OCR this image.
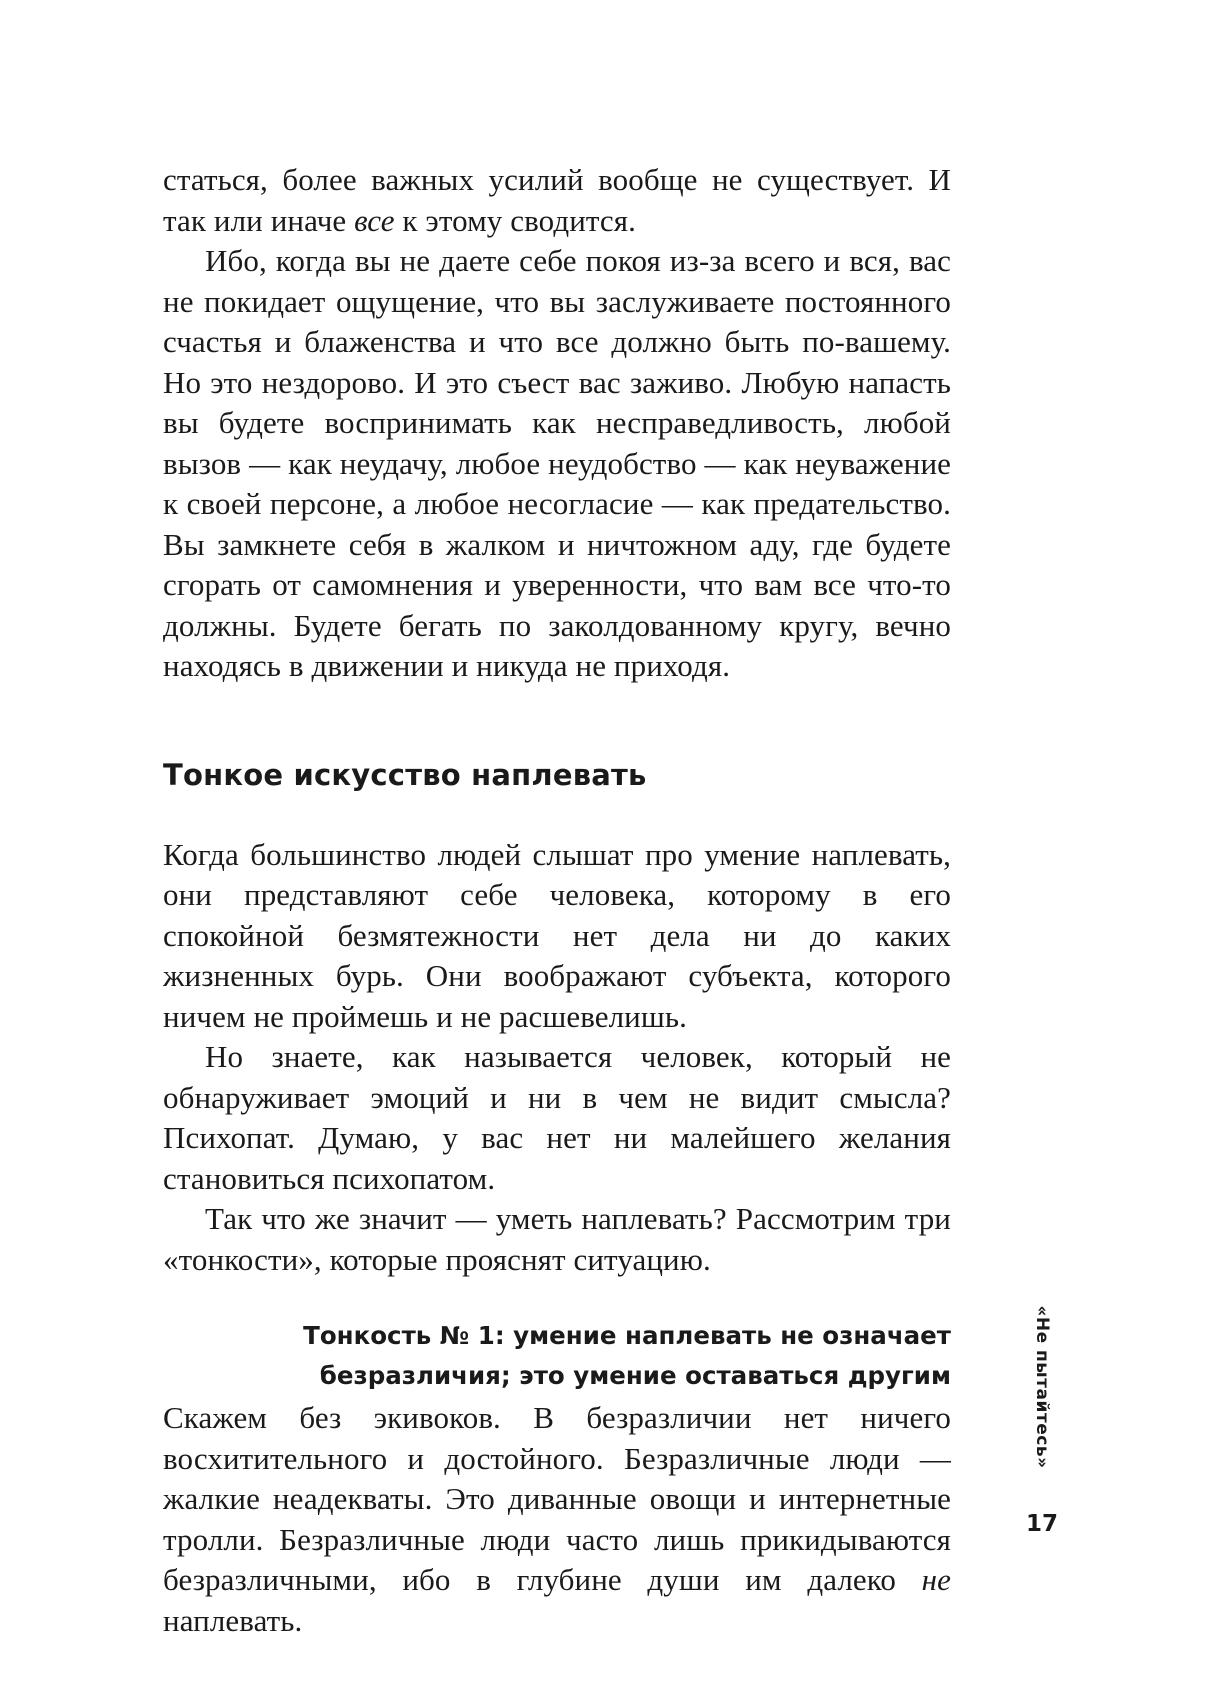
статься, более важных усилий вообще не существует. И так или иначе все к этому сводится.

Ибо, когда вы не даете себе покоя из-за всего и вся, вас не покидает ощущение, что вы заслуживаете постоянного счастья и блаженства и что все должно быть по-вашему. Но это нездорово. И это съест вас заживо. Любую напасть вы будете воспринимать как несправедливость, любой вызов — как неудачу, любое неудобство — как неуважение к своей персоне, а любое несогласие — как предательство. Вы замкнете себя в жалком и ничтожном аду, где будете сгорать от самомнения и уверенности, что вам все что-то должны. Будете бегать по заколдованному кругу, вечно находясь в движении и никуда не приходя.

Тонкое искусство наплевать

Когда большинство людей слышат про умение наплевать, они представляют себе человека, которому в его спокойной безмятежности нет дела ни до каких жизненных бурь. Они воображают субъекта, которого ничем не проймешь и не расшевелишь.

Но знаете, как называется человек, который не обнаруживает эмоций и ни в чем не видит смысла? Психопат. Думаю, у вас нет ни малейшего желания становиться психопатом.

Так что же значит — уметь наплевать? Рассмотрим три «тонкости», которые прояснят ситуацию.

Тонкость № 1: умение наплевать не означает
безразличия; это умение оставаться другим

Скажем без экивоков. В безразличии нет ничего восхитительного и достойного. Безразличные люди — жалкие неадекваты. Это диванные овощи и интернетные тролли. Безразличные люди часто лишь прикидываются безразличными, ибо в глубине души им далеко не наплевать.

«Не пытайтесь»
17
